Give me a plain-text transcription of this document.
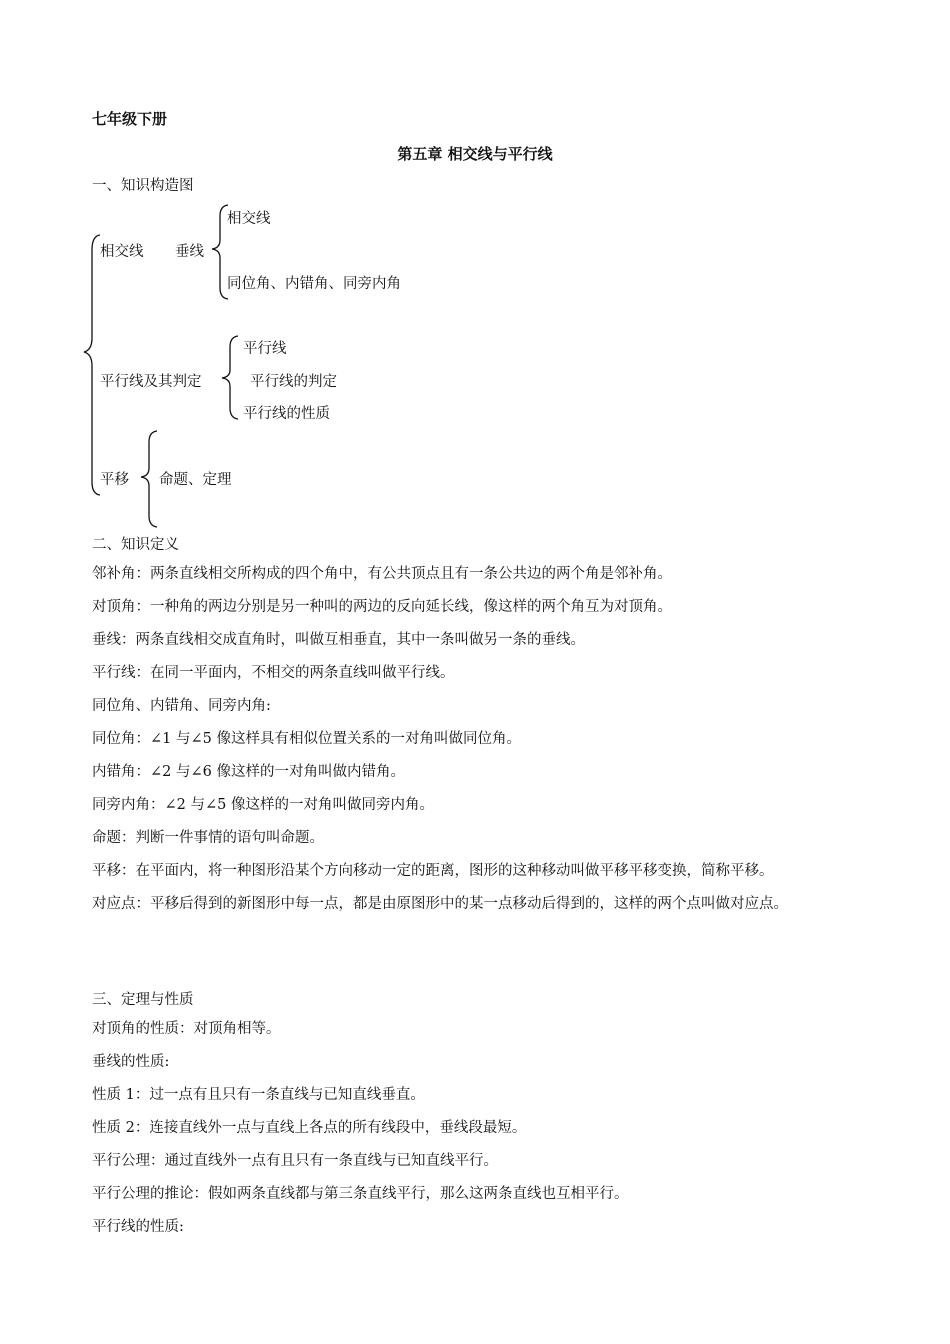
七年级下册
第五章 相交线与平行线
一、知识构造图
相交线 垂线
相交线
同位角、内错角、同旁内角
平行线及其判定
平行线
平行线的判定
平行线的性质
平移 命题、定理
二、知识定义
邻补角：两条直线相交所构成的四个角中，有公共顶点且有一条公共边的两个角是邻补角。
对顶角：一种角的两边分别是另一种叫的两边的反向延长线，像这样的两个角互为对顶角。
垂线：两条直线相交成直角时，叫做互相垂直，其中一条叫做另一条的垂线。
平行线：在同一平面内，不相交的两条直线叫做平行线。
同位角、内错角、同旁内角:
同位角：∠1 与∠5 像这样具有相似位置关系的一对角叫做同位角。
内错角：∠2 与∠6 像这样的一对角叫做内错角。
同旁内角：∠2 与∠5 像这样的一对角叫做同旁内角。
命题：判断一件事情的语句叫命题。
平移：在平面内，将一种图形沿某个方向移动一定的距离，图形的这种移动叫做平移平移变换，简称平移。
对应点：平移后得到的新图形中每一点，都是由原图形中的某一点移动后得到的，这样的两个点叫做对应点。
三、定理与性质
对顶角的性质：对顶角相等。
垂线的性质:
性质 1：过一点有且只有一条直线与已知直线垂直。
性质 2：连接直线外一点与直线上各点的所有线段中，垂线段最短。
平行公理：通过直线外一点有且只有一条直线与已知直线平行。
平行公理的推论：假如两条直线都与第三条直线平行，那么这两条直线也互相平行。
平行线的性质:
